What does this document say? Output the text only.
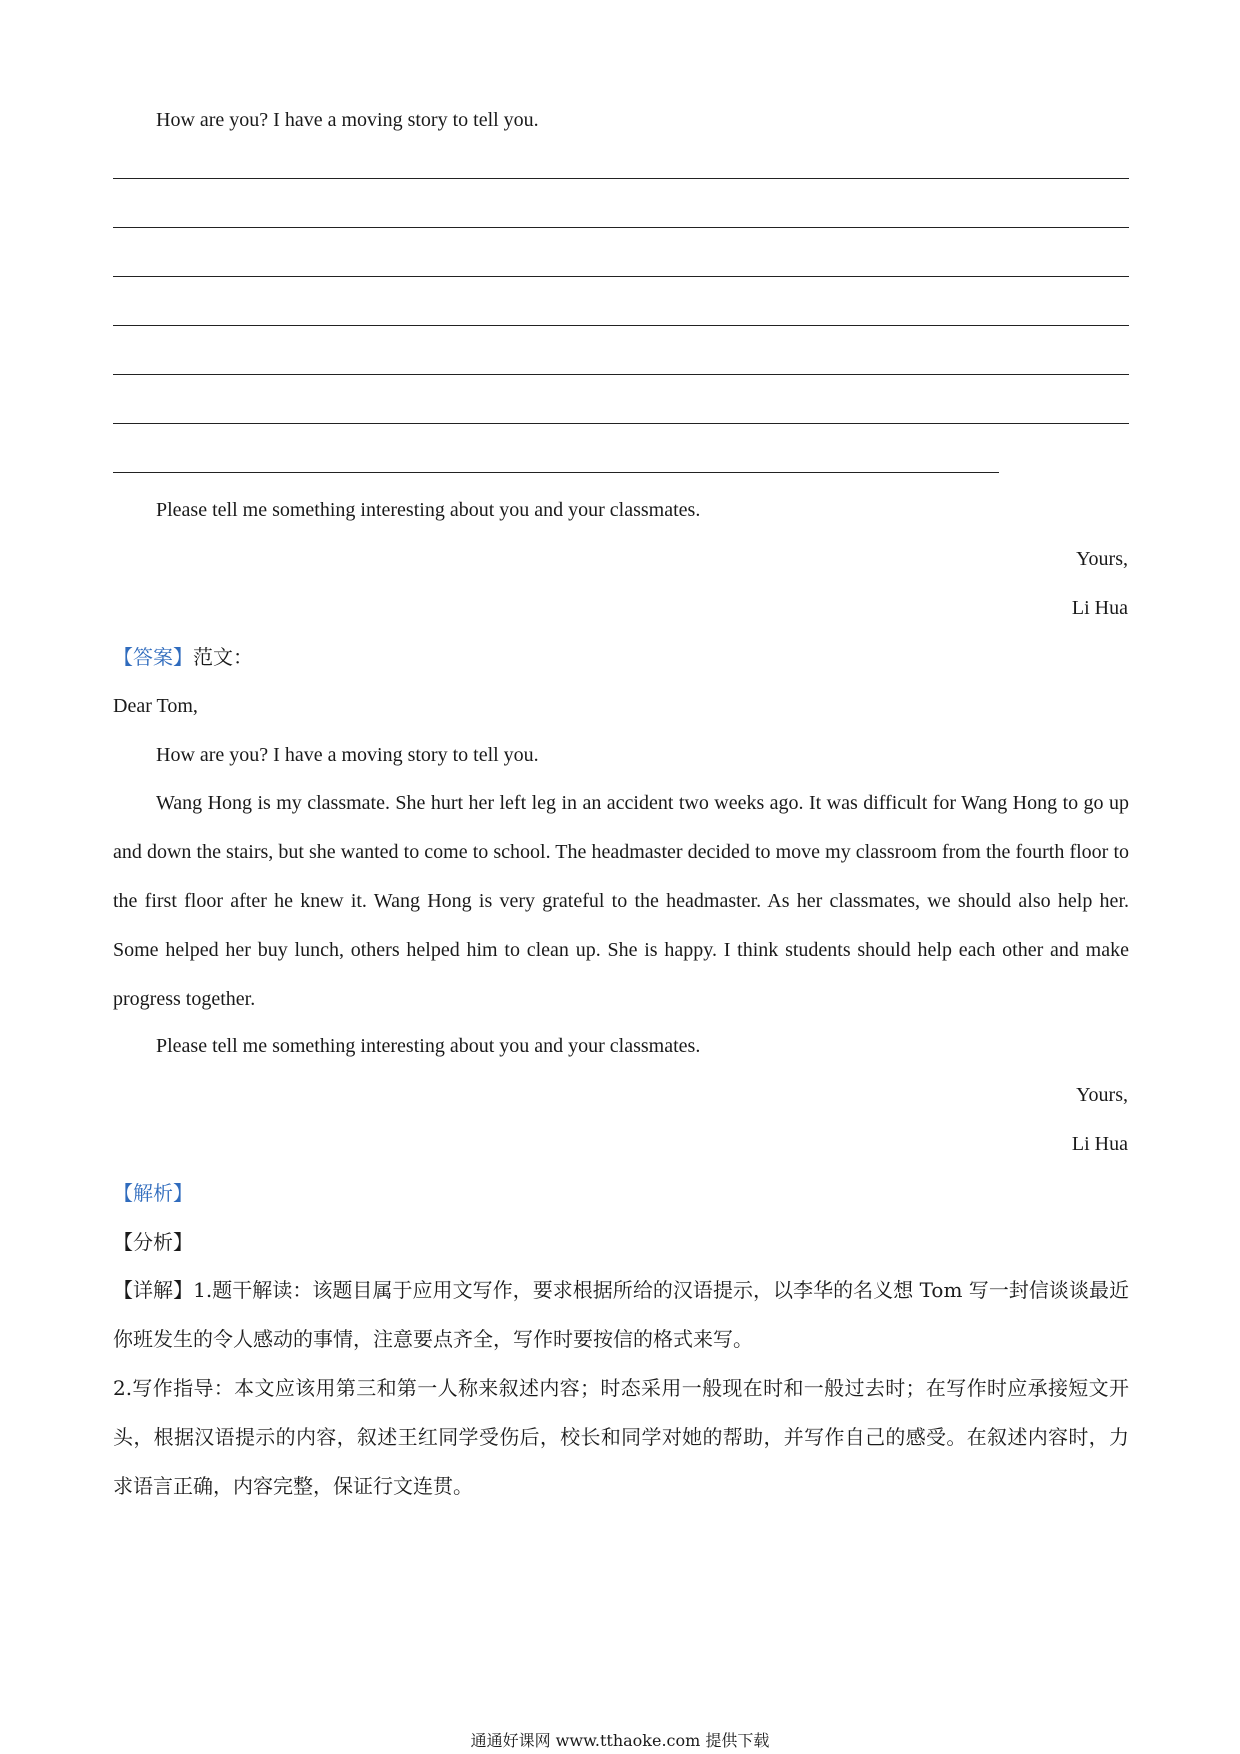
How are you? I have a moving story to tell you.
Please tell me something interesting about you and your classmates.
Yours,
Li Hua
【答案】范文：
Dear Tom,
How are you? I have a moving story to tell you.
Wang Hong is my classmate. She hurt her left leg in an accident two weeks ago. It was difficult for Wang Hong to go up and down the stairs, but she wanted to come to school. The headmaster decided to move my classroom from the fourth floor to the first floor after he knew it. Wang Hong is very grateful to the headmaster. As her classmates, we should also help her. Some helped her buy lunch, others helped him to clean up. She is happy. I think students should help each other and make progress together.
Please tell me something interesting about you and your classmates.
Yours,
Li Hua
【解析】
【分析】
【详解】1.题干解读：该题目属于应用文写作，要求根据所给的汉语提示，以李华的名义想 Tom 写一封信谈谈最近你班发生的令人感动的事情，注意要点齐全，写作时要按信的格式来写。
2.写作指导：本文应该用第三和第一人称来叙述内容；时态采用一般现在时和一般过去时；在写作时应承接短文开头，根据汉语提示的内容，叙述王红同学受伤后，校长和同学对她的帮助，并写作自己的感受。在叙述内容时，力求语言正确，内容完整，保证行文连贯。
通通好课网 www.tthaoke.com 提供下载
